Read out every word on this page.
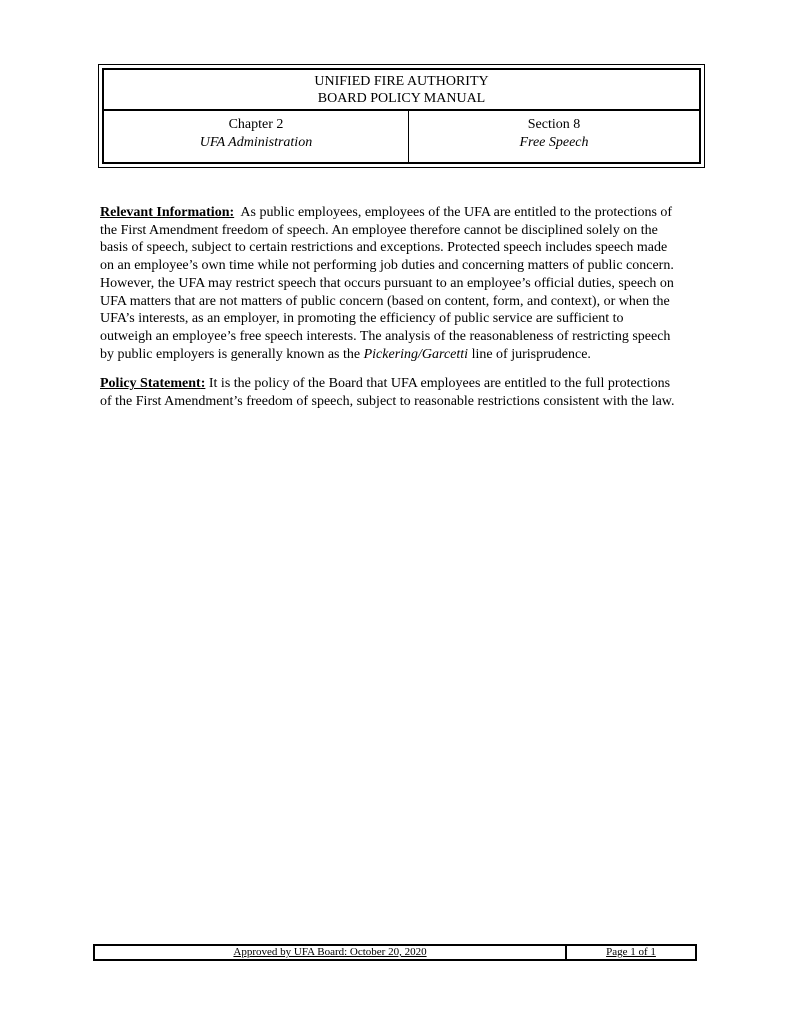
UNIFIED FIRE AUTHORITY
BOARD POLICY MANUAL
Chapter 2
UFA Administration
Section 8
Free Speech

Relevant Information: As public employees, employees of the UFA are entitled to the protections of the First Amendment freedom of speech. An employee therefore cannot be disciplined solely on the basis of speech, subject to certain restrictions and exceptions. Protected speech includes speech made on an employee’s own time while not performing job duties and concerning matters of public concern. However, the UFA may restrict speech that occurs pursuant to an employee’s official duties, speech on UFA matters that are not matters of public concern (based on content, form, and context), or when the UFA’s interests, as an employer, in promoting the efficiency of public service are sufficient to outweigh an employee’s free speech interests. The analysis of the reasonableness of restricting speech by public employers is generally known as the Pickering/Garcetti line of jurisprudence.

Policy Statement: It is the policy of the Board that UFA employees are entitled to the full protections of the First Amendment’s freedom of speech, subject to reasonable restrictions consistent with the law.

Approved by UFA Board: October 20, 2020	Page 1 of 1
